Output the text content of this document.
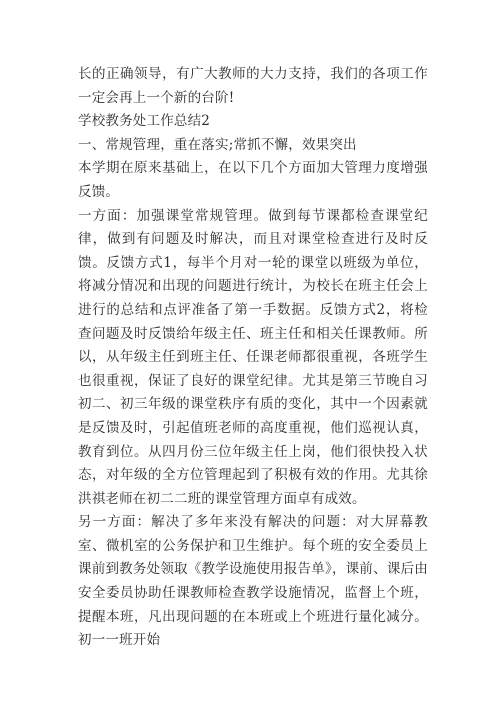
长的正确领导，有广大教师的大力支持，我们的各项工作一定会再上一个新的台阶!

学校教务处工作总结2

一、常规管理，重在落实;常抓不懈，效果突出

本学期在原来基础上，在以下几个方面加大管理力度增强反馈。

一方面：加强课堂常规管理。做到每节课都检查课堂纪律，做到有问题及时解决，而且对课堂检查进行及时反馈。反馈方式1，每半个月对一轮的课堂以班级为单位，将减分情况和出现的问题进行统计，为校长在班主任会上进行的总结和点评准备了第一手数据。反馈方式2，将检查问题及时反馈给年级主任、班主任和相关任课教师。所以，从年级主任到班主任、任课老师都很重视，各班学生也很重视，保证了良好的课堂纪律。尤其是第三节晚自习初二、初三年级的课堂秩序有质的变化，其中一个因素就是反馈及时，引起值班老师的高度重视，他们巡视认真，教育到位。从四月份三位年级主任上岗，他们很快投入状态，对年级的全方位管理起到了积极有效的作用。尤其徐洪祺老师在初二二班的课堂管理方面卓有成效。

另一方面：解决了多年来没有解决的问题：对大屏幕教室、微机室的公务保护和卫生维护。每个班的安全委员上课前到教务处领取《教学设施使用报告单》，课前、课后由安全委员协助任课教师检查教学设施情况，监督上个班，提醒本班，凡出现问题的在本班或上个班进行量化减分。初一一班开始
